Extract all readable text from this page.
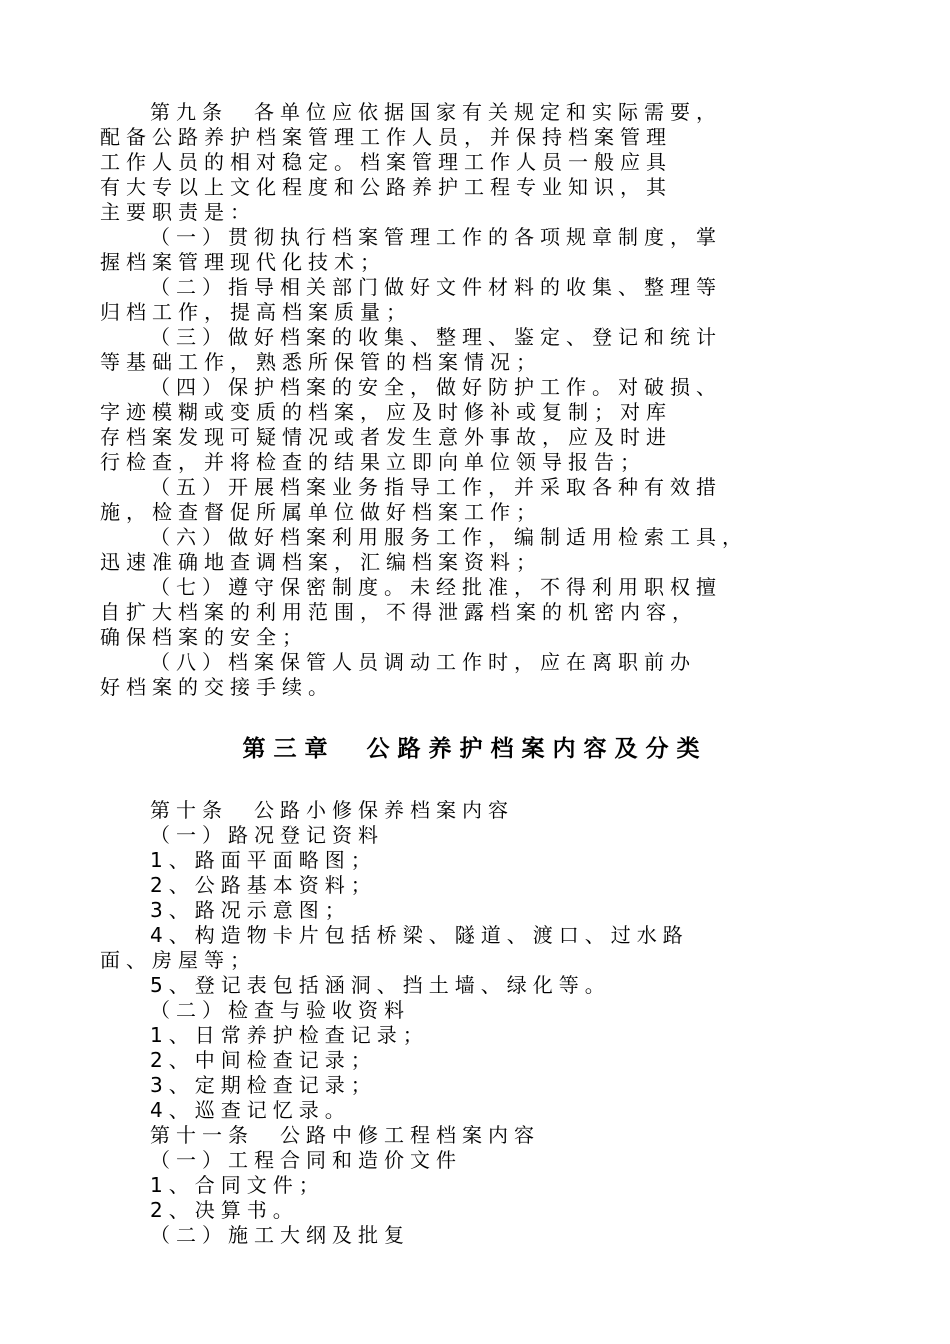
第九条　各单位应依据国家有关规定和实际需要，
配备公路养护档案管理工作人员，并保持档案管理
工作人员的相对稳定。档案管理工作人员一般应具
有大专以上文化程度和公路养护工程专业知识，其
主要职责是：
（一）贯彻执行档案管理工作的各项规章制度，掌
握档案管理现代化技术；
（二）指导相关部门做好文件材料的收集、整理等
归档工作，提高档案质量；
（三）做好档案的收集、整理、鉴定、登记和统计
等基础工作，熟悉所保管的档案情况；
（四）保护档案的安全，做好防护工作。对破损、
字迹模糊或变质的档案，应及时修补或复制；对库
存档案发现可疑情况或者发生意外事故，应及时进
行检查，并将检查的结果立即向单位领导报告；
（五）开展档案业务指导工作，并采取各种有效措
施，检查督促所属单位做好档案工作；
（六）做好档案利用服务工作，编制适用检索工具，
迅速准确地查调档案，汇编档案资料；
（七）遵守保密制度。未经批准，不得利用职权擅
自扩大档案的利用范围，不得泄露档案的机密内容，
确保档案的安全；
（八）档案保管人员调动工作时，应在离职前办
好档案的交接手续。
第三章　公路养护档案内容及分类
第十条　公路小修保养档案内容
（一）路况登记资料
1、路面平面略图；
2、公路基本资料；
3、路况示意图；
4、构造物卡片包括桥梁、隧道、渡口、过水路
面、房屋等；
5、登记表包括涵洞、挡土墙、绿化等。
（二）检查与验收资料
1、日常养护检查记录；
2、中间检查记录；
3、定期检查记录；
4、巡查记忆录。
第十一条　公路中修工程档案内容
（一）工程合同和造价文件
1、合同文件；
2、决算书。
（二）施工大纲及批复
